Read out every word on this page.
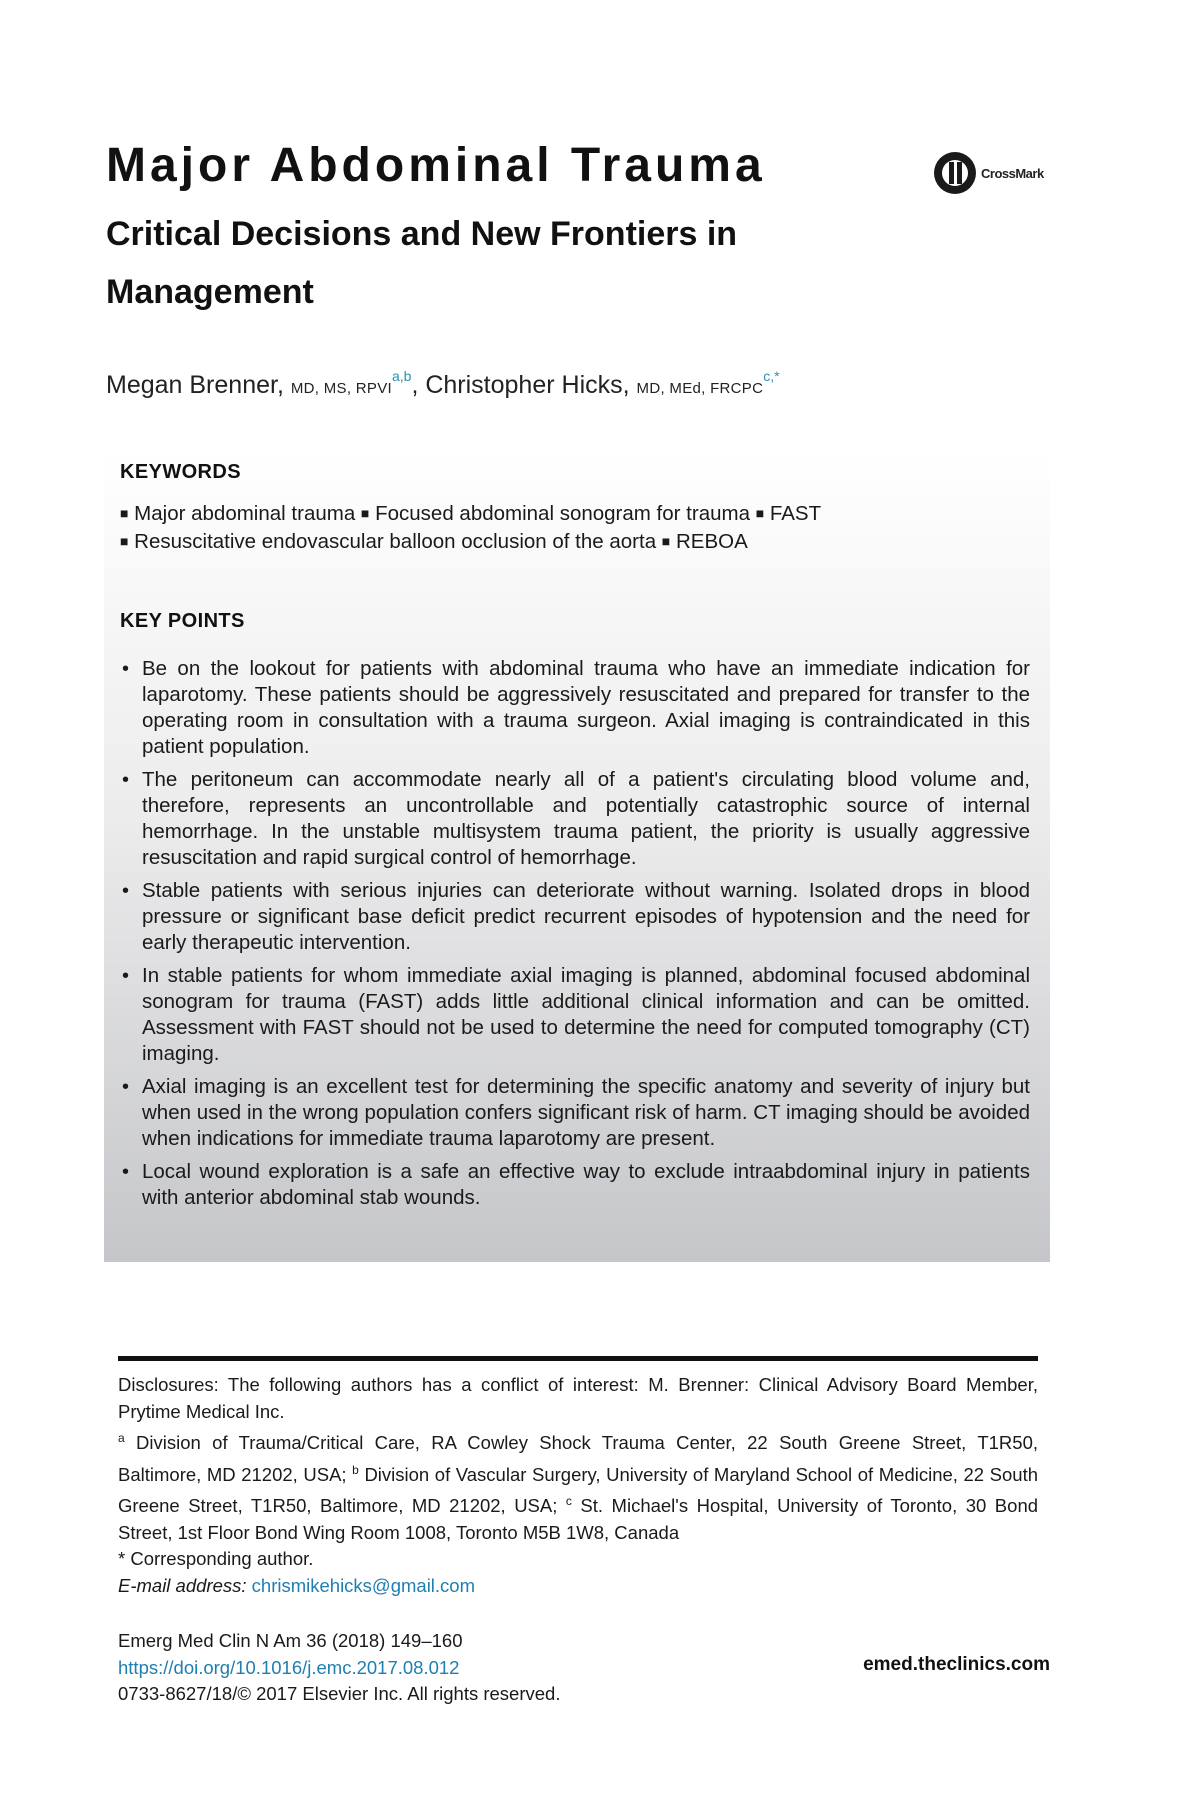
Major Abdominal Trauma
Critical Decisions and New Frontiers in Management
CrossMark
Megan Brenner, MD, MS, RPVI$^{a,b}$, Christopher Hicks, MD, MEd, $FRCPC^{c,*}$
KEYWORDS
■ Major abdominal trauma ■ Focused abdominal sonogram for trauma ■ FAST
■ Resuscitative endovascular balloon occlusion of the aorta ■ REBOA
KEY POINTS
• Be on the lookout for patients with abdominal trauma who have an immediate indication for laparotomy. These patients should be aggressively resuscitated and prepared for transfer to the operating room in consultation with a trauma surgeon. Axial imaging is contraindicated in this patient population.
• The peritoneum can accommodate nearly all of a patient's circulating blood volume and, therefore, represents an uncontrollable and potentially catastrophic source of internal hemorrhage. In the unstable multisystem trauma patient, the priority is usually aggressive resuscitation and rapid surgical control of hemorrhage.
• Stable patients with serious injuries can deteriorate without warning. Isolated drops in blood pressure or significant base deficit predict recurrent episodes of hypotension and the need for early therapeutic intervention.
• In stable patients for whom immediate axial imaging is planned, abdominal focused abdominal sonogram for trauma (FAST) adds little additional clinical information and can be omitted. Assessment with FAST should not be used to determine the need for computed tomography (CT) imaging.
• Axial imaging is an excellent test for determining the specific anatomy and severity of injury but when used in the wrong population confers significant risk of harm. CT imaging should be avoided when indications for immediate trauma laparotomy are present.
• Local wound exploration is a safe an effective way to exclude intraabdominal injury in patients with anterior abdominal stab wounds.

Disclosures: The following authors has a conflict of interest: M. Brenner: Clinical Advisory Board Member, Prytime Medical Inc.

$^a$ Division of Trauma/Critical Care, RA Cowley Shock Trauma Center, 22 South Greene Street, T1R50, Baltimore, MD 21202, USA; $^b$ Division of Vascular Surgery, University of Maryland School of Medicine, 22 South Greene Street, T1R50, Baltimore, MD 21202, USA; $^c$ St. Michael's Hospital, University of Toronto, 30 Bond Street, 1st Floor Bond Wing Room 1008, Toronto M5B 1W8, Canada

* Corresponding author.

E-mail address: chrismikehicks@gmail.com

Emerg Med Clin N Am 36 (2018) 149–160
https://doi.org/10.1016/j.emc.2017.08.012
0733-8627/18/© 2017 Elsevier Inc. All rights reserved.
emed.theclinics.com
